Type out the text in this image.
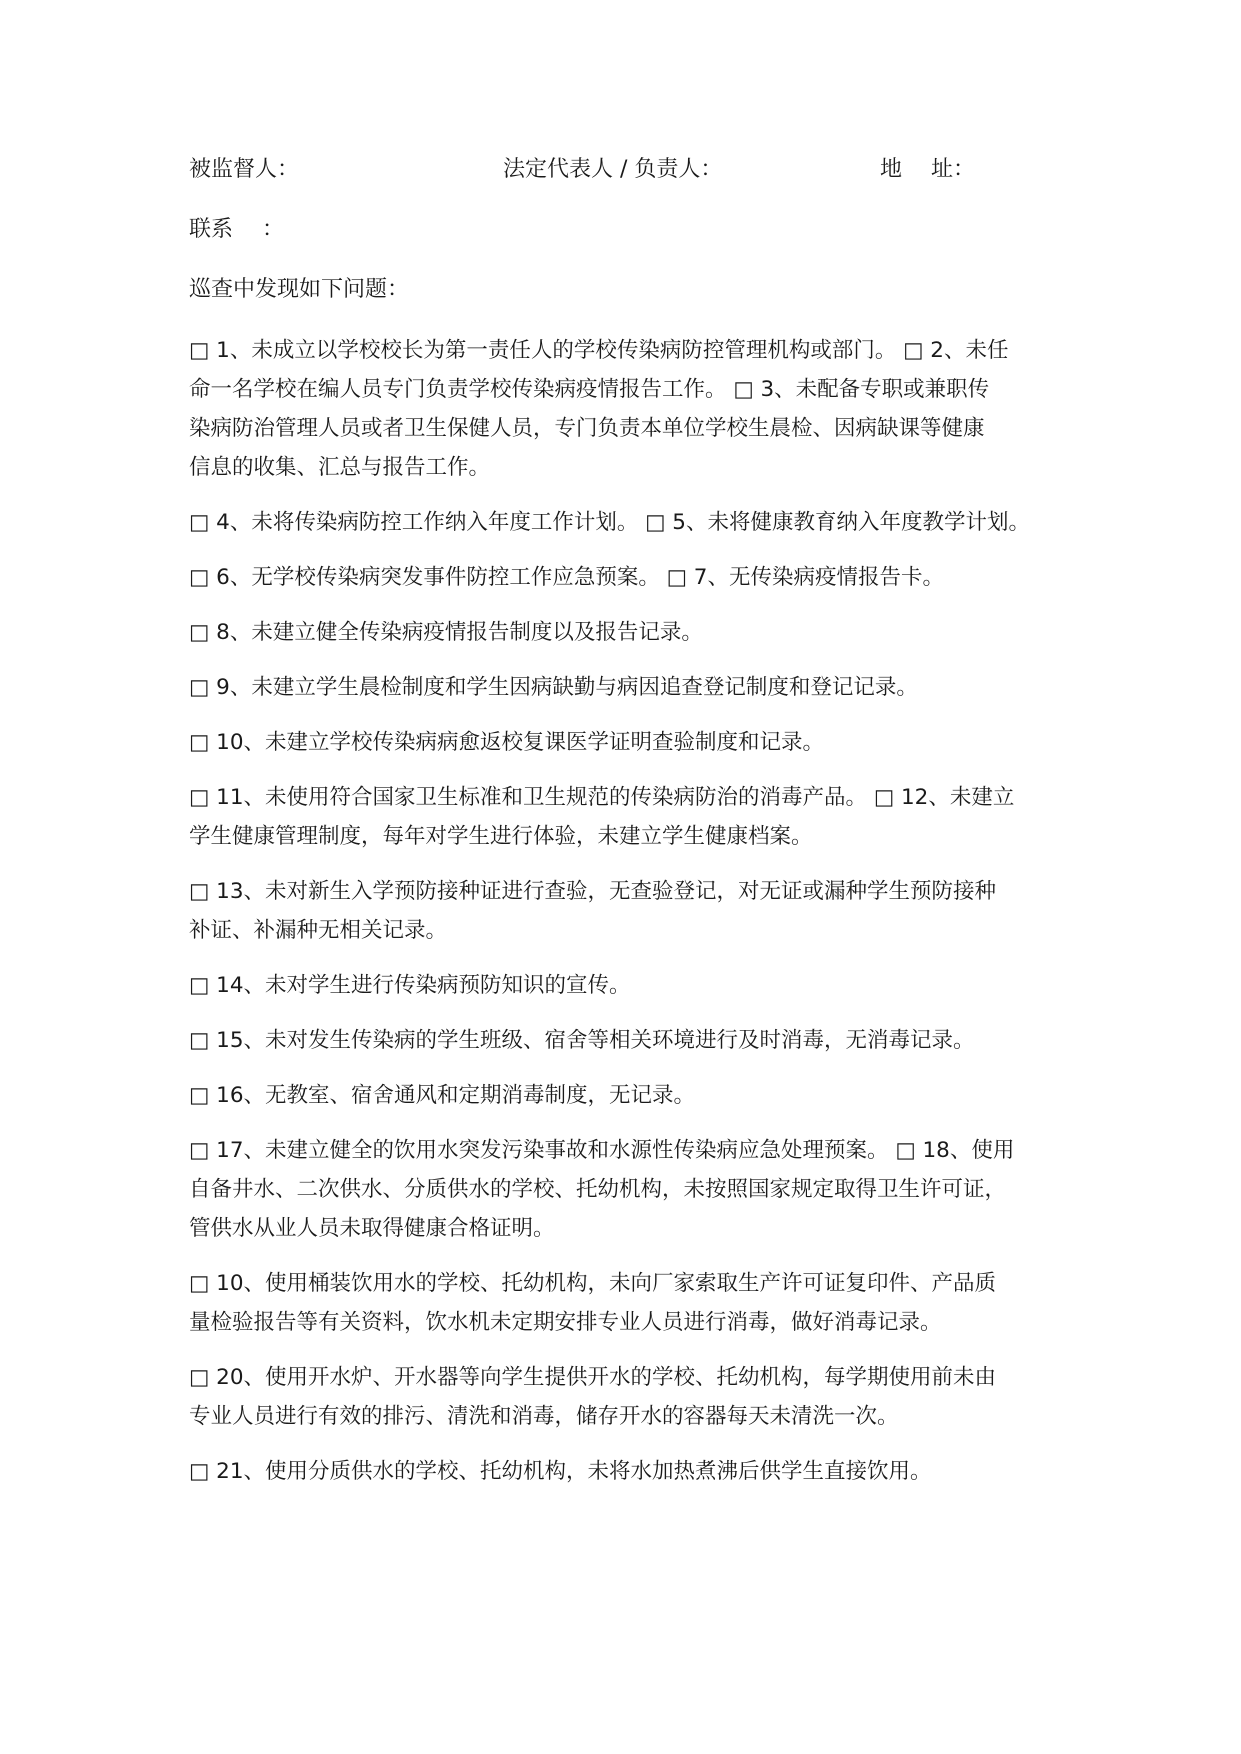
被监督人：	法定代表人 / 负责人：	地　 址：
联系　 ：
巡查中发现如下问题：
□ 1、未成立以学校校长为第一责任人的学校传染病防控管理机构或部门。 □ 2、未任
命一名学校在编人员专门负责学校传染病疫情报告工作。 □ 3、未配备专职或兼职传
染病防治管理人员或者卫生保健人员，专门负责本单位学校生晨检、因病缺课等健康
信息的收集、汇总与报告工作。
□ 4、未将传染病防控工作纳入年度工作计划。 □ 5、未将健康教育纳入年度教学计划。
□ 6、无学校传染病突发事件防控工作应急预案。 □ 7、无传染病疫情报告卡。
□ 8、未建立健全传染病疫情报告制度以及报告记录。
□ 9、未建立学生晨检制度和学生因病缺勤与病因追查登记制度和登记记录。
□ 10、未建立学校传染病病愈返校复课医学证明查验制度和记录。
□ 11、未使用符合国家卫生标准和卫生规范的传染病防治的消毒产品。 □ 12、未建立
学生健康管理制度，每年对学生进行体验，未建立学生健康档案。
□ 13、未对新生入学预防接种证进行查验，无查验登记，对无证或漏种学生预防接种
补证、补漏种无相关记录。
□ 14、未对学生进行传染病预防知识的宣传。
□ 15、未对发生传染病的学生班级、宿舍等相关环境进行及时消毒，无消毒记录。
□ 16、无教室、宿舍通风和定期消毒制度，无记录。
□ 17、未建立健全的饮用水突发污染事故和水源性传染病应急处理预案。 □ 18、使用
自备井水、二次供水、分质供水的学校、托幼机构，未按照国家规定取得卫生许可证，
管供水从业人员未取得健康合格证明。
□ 10、使用桶装饮用水的学校、托幼机构，未向厂家索取生产许可证复印件、产品质
量检验报告等有关资料，饮水机未定期安排专业人员进行消毒，做好消毒记录。
□ 20、使用开水炉、开水器等向学生提供开水的学校、托幼机构，每学期使用前未由
专业人员进行有效的排污、清洗和消毒，储存开水的容器每天未清洗一次。
□ 21、使用分质供水的学校、托幼机构，未将水加热煮沸后供学生直接饮用。
